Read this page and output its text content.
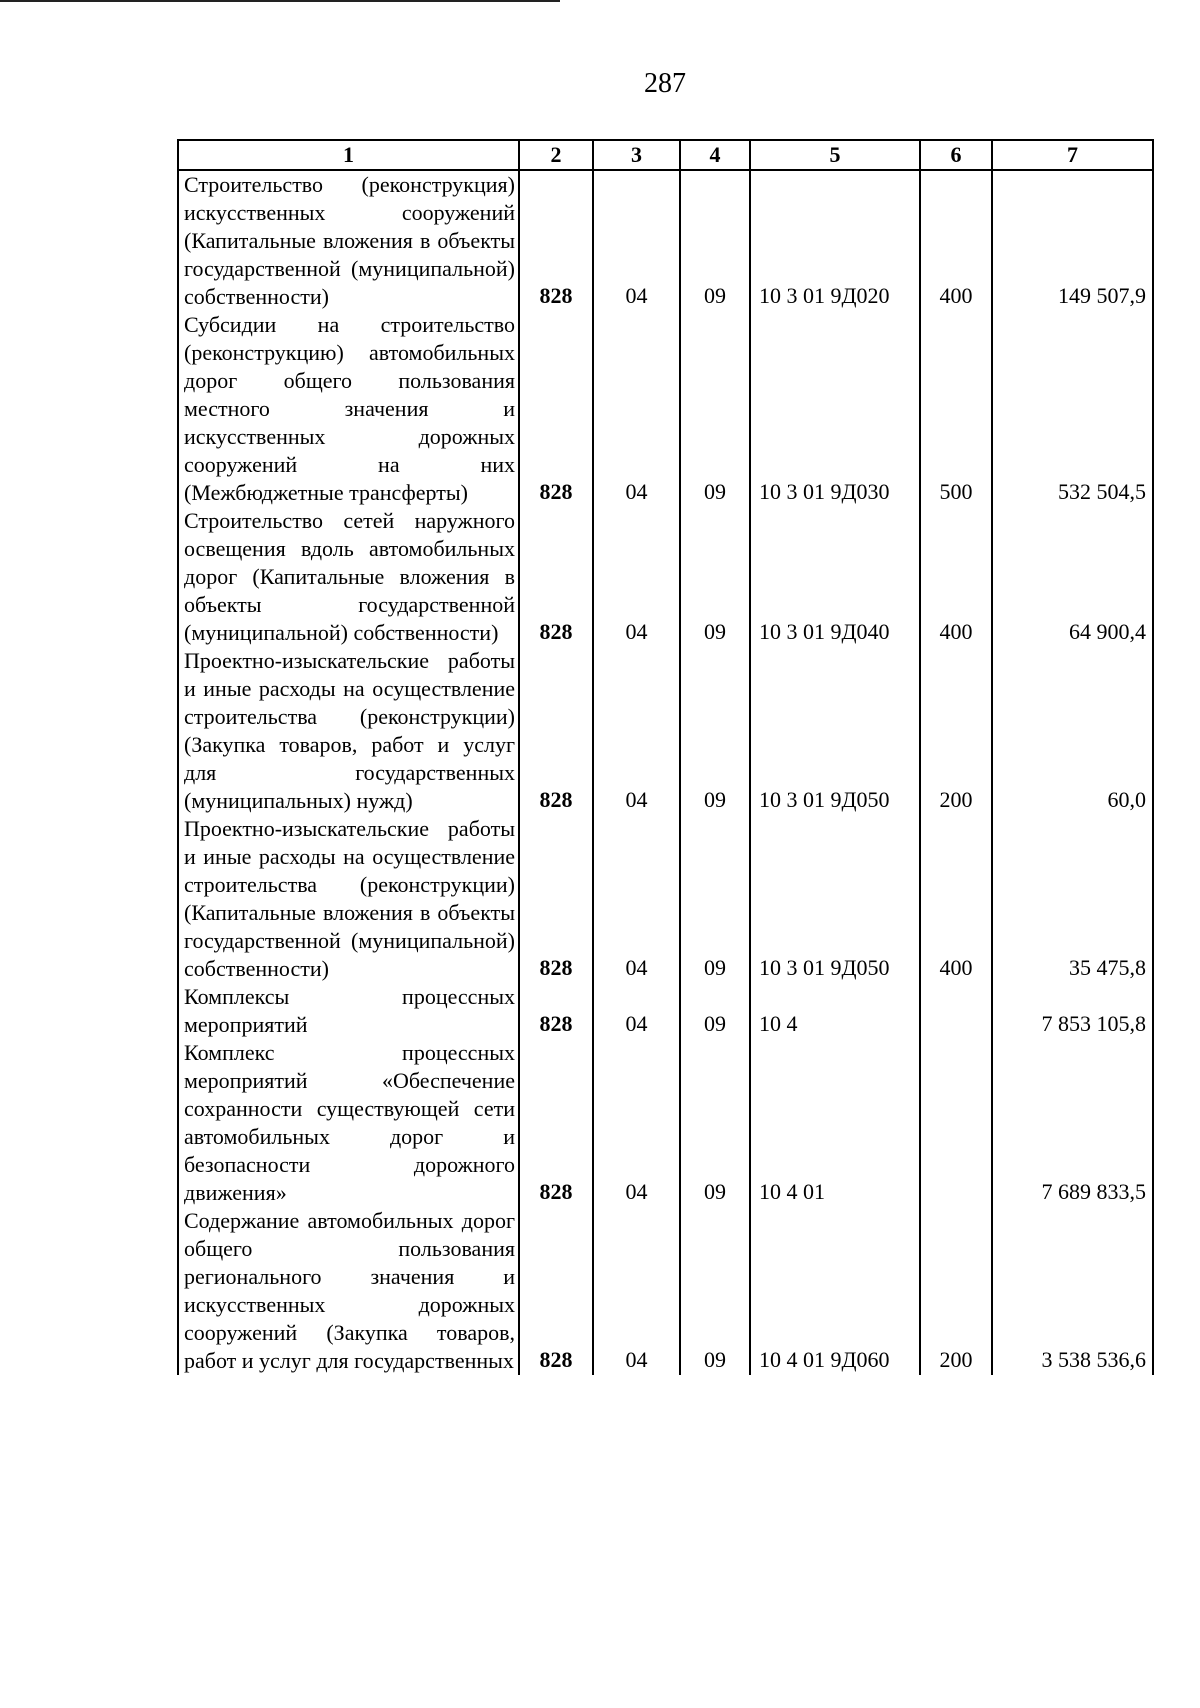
287
1	2	3	4	5	6	7
Строительство (реконструкция) искусственных сооружений (Капитальные вложения в объекты государственной (муниципальной) собственности)	828	04	09	10 3 01 9Д020	400	149 507,9
Субсидии на строительство (реконструкцию) автомобильных дорог общего пользования местного значения и искусственных дорожных сооружений на них (Межбюджетные трансферты)	828	04	09	10 3 01 9Д030	500	532 504,5
Строительство сетей наружного освещения вдоль автомобильных дорог (Капитальные вложения в объекты государственной (муниципальной) собственности)	828	04	09	10 3 01 9Д040	400	64 900,4
Проектно-изыскательские работы и иные расходы на осуществление строительства (реконструкции) (Закупка товаров, работ и услуг для государственных (муниципальных) нужд)	828	04	09	10 3 01 9Д050	200	60,0
Проектно-изыскательские работы и иные расходы на осуществление строительства (реконструкции) (Капитальные вложения в объекты государственной (муниципальной) собственности)	828	04	09	10 3 01 9Д050	400	35 475,8
Комплексы процессных мероприятий	828	04	09	10 4		7 853 105,8
Комплекс процессных мероприятий «Обеспечение сохранности существующей сети автомобильных дорог и безопасности дорожного движения»	828	04	09	10 4 01		7 689 833,5
Содержание автомобильных дорог общего пользования регионального значения и искусственных дорожных сооружений (Закупка товаров, работ и услуг для государственных	828	04	09	10 4 01 9Д060	200	3 538 536,6
